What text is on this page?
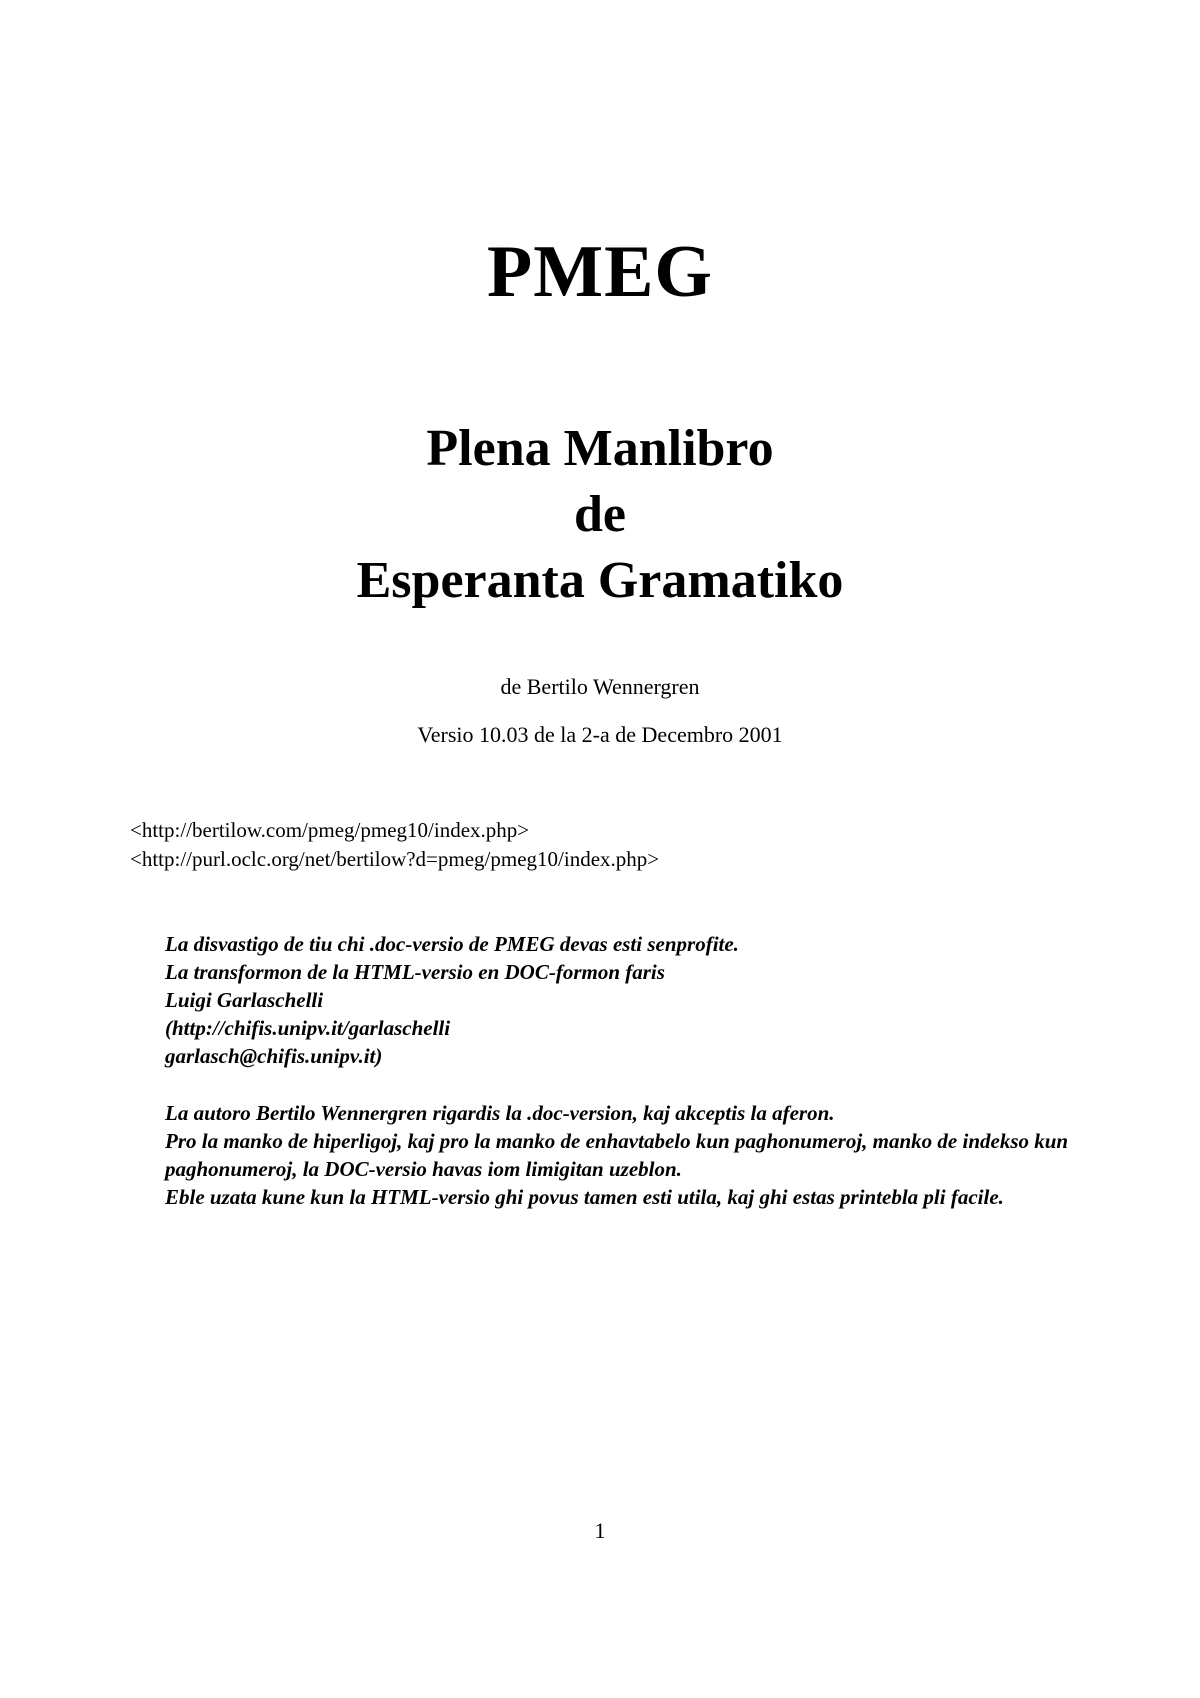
PMEG
Plena Manlibro
de
Esperanta Gramatiko
de Bertilo Wennergren
Versio 10.03 de la 2-a de Decembro 2001
<http://bertilow.com/pmeg/pmeg10/index.php>
<http://purl.oclc.org/net/bertilow?d=pmeg/pmeg10/index.php>
La disvastigo de tiu chi .doc-versio de PMEG devas esti senprofite.
La transformon de la HTML-versio en DOC-formon faris
Luigi Garlaschelli
(http://chifis.unipv.it/garlaschelli
garlasch@chifis.unipv.it)
La autoro Bertilo Wennergren rigardis la .doc-version, kaj akceptis la aferon.
Pro la manko de hiperligoj, kaj pro la manko de enhavtabelo kun paghonumeroj, manko de indekso kun paghonumeroj, la DOC-versio havas iom limigitan uzeblon.
Eble uzata kune kun la HTML-versio ghi povus tamen esti utila, kaj ghi estas printebla pli facile.
1
